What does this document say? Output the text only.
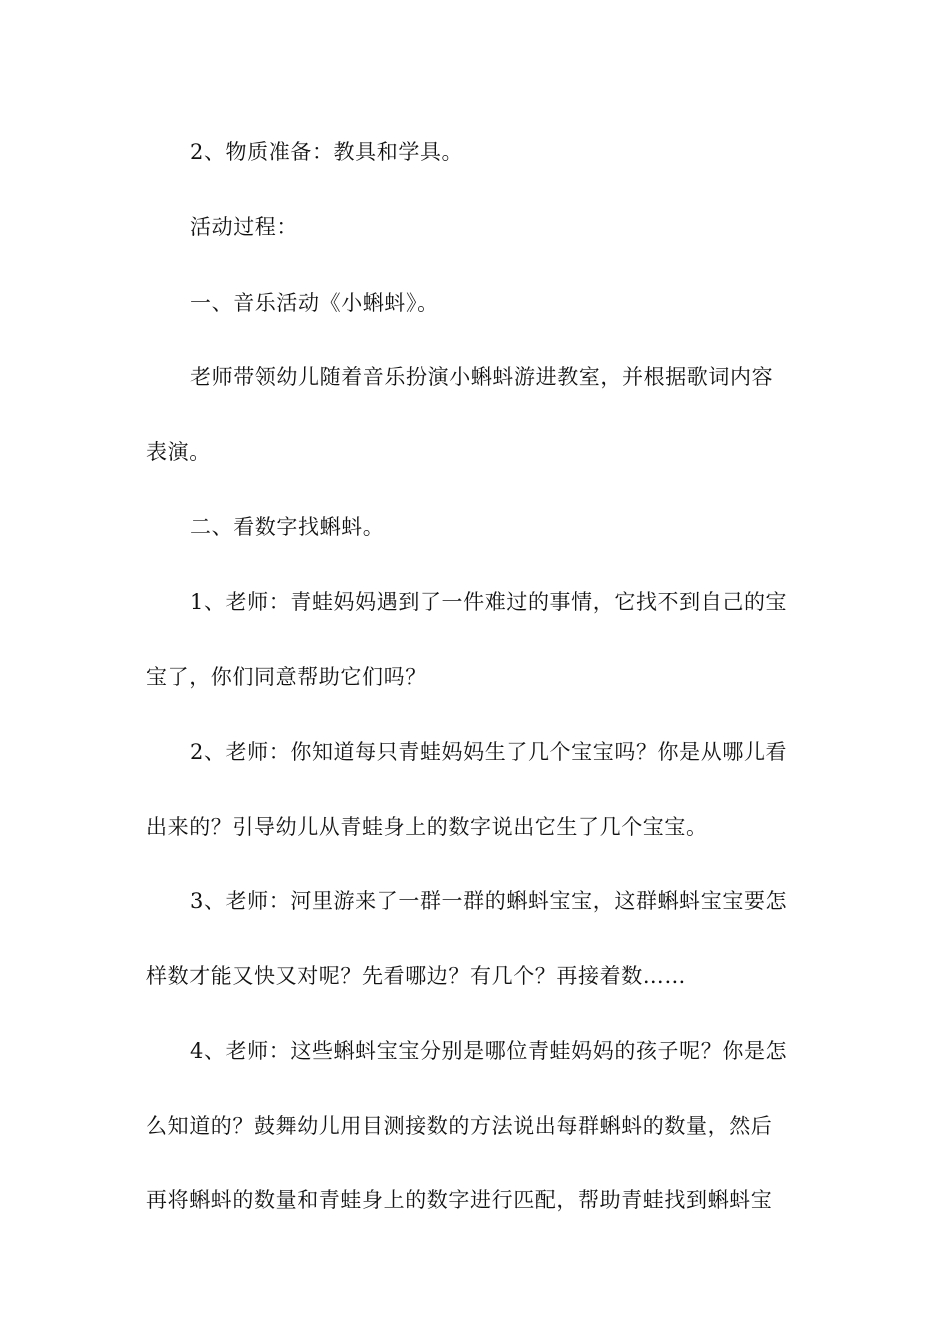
2、物质准备：教具和学具。
活动过程：
一、音乐活动《小蝌蚪》。
老师带领幼儿随着音乐扮演小蝌蚪游进教室，并根据歌词内容
表演。
二、看数字找蝌蚪。
1、老师：青蛙妈妈遇到了一件难过的事情，它找不到自己的宝
宝了，你们同意帮助它们吗？
2、老师：你知道每只青蛙妈妈生了几个宝宝吗？你是从哪儿看
出来的？引导幼儿从青蛙身上的数字说出它生了几个宝宝。
3、老师：河里游来了一群一群的蝌蚪宝宝，这群蝌蚪宝宝要怎
样数才能又快又对呢？先看哪边？有几个？再接着数……
4、老师：这些蝌蚪宝宝分别是哪位青蛙妈妈的孩子呢？你是怎
么知道的？鼓舞幼儿用目测接数的方法说出每群蝌蚪的数量，然后
再将蝌蚪的数量和青蛙身上的数字进行匹配，帮助青蛙找到蝌蚪宝
